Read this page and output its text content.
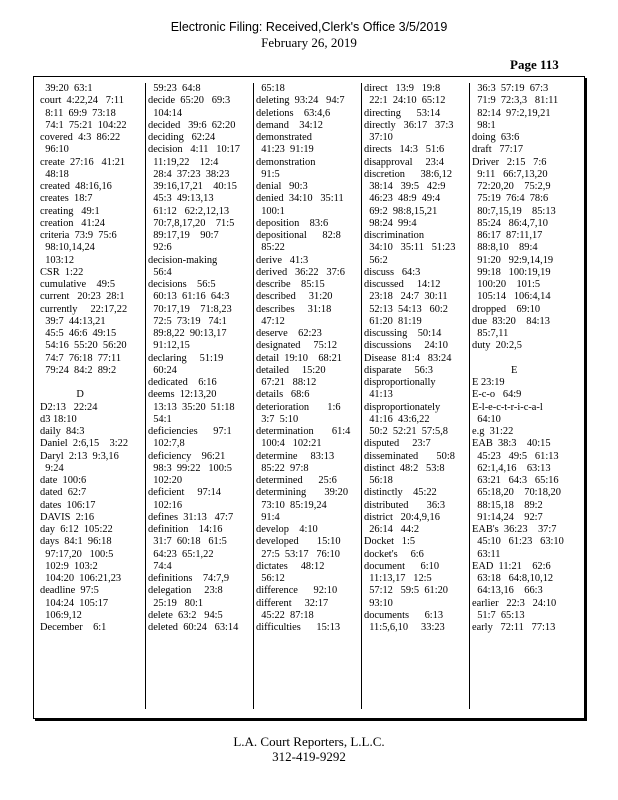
Electronic Filing: Received,Clerk's Office 3/5/2019
February 26, 2019
Page 113
39:20  63:1
court  4:22,24   7:11
8:11  69:9  73:18
74:1  75:21  104:22
covered  4:3  86:22
96:10
create  27:16   41:21
48:18
created  48:16,16
creates  18:7
creating   49:1
creation   41:24
criteria  73:9  75:6
98:10,14,24
103:12
CSR  1:22
cumulative    49:5
current   20:23  28:1
currently     22:17,22
39:7  44:13,21
45:5  46:6  49:15
54:16  55:20  56:20
74:7  76:18  77:11
79:24  84:2  89:2

D
D2:13   22:24
d3 18:10
daily  84:3
Daniel  2:6,15    3:22
Daryl  2:13  9:3,16
9:24
date  100:6
dated  62:7
dates  106:17
DAVIS  2:16
day  6:12  105:22
days  84:1  96:18
97:17,20   100:5
102:9  103:2
104:20  106:21,23
deadline  97:5
104:24  105:17
106:9,12
December    6:1
59:23  64:8
decide  65:20   69:3
104:14
decided   39:6  62:20
deciding   62:24
decision   4:11   10:17
11:19,22    12:4
28:4  37:23  38:23
39:16,17,21    40:15
45:3  49:13,13
61:12   62:2,12,13
70:7,8,17,20    71:5
89:17,19    90:7
92:6
decision-making
56:4
decisions    56:5
60:13  61:16  64:3
70:17,19    71:8,23
72:5  73:19   74:1
89:8,22  90:13,17
91:12,15
declaring     51:19
60:24
dedicated    6:16
deems  12:13,20
13:13  35:20  51:18
54:1
deficiencies      97:1
102:7,8
deficiency    96:21
98:3  99:22   100:5
102:20
deficient     97:14
102:16
defines  31:13   47:7
definition    14:16
31:7  60:18   61:5
64:23  65:1,22
74:4
definitions    74:7,9
delegation     23:8
25:19   80:1
delete  63:2   94:5
deleted  60:24   63:14
65:18
deleting  93:24   94:7
deletions    63:4,6
demand    34:12
demonstrated
41:23  91:19
demonstration
91:5
denial   90:3
denied  34:10   35:11
100:1
deposition    83:6
depositional      82:8
85:22
derive   41:3
derived   36:22   37:6
describe    85:15
described     31:20
describes     31:18
47:12
deserve    62:23
designated     75:12
detail  19:10    68:21
detailed     15:20
67:21   88:12
details   68:6
deterioration       1:6
3:7  5:10
determination       61:4
100:4   102:21
determine     83:13
85:22  97:8
determined      25:6
determining       39:20
73:10  85:19,24
91:4
develop    4:10
developed       15:10
27:5  53:17   76:10
dictates     48:12
56:12
difference      92:10
different     32:17
45:22  87:18
difficulties      15:13
direct   13:9   19:8
22:1  24:10  65:12
directing      53:14
directly   36:17   37:3
37:10
directs   14:3   51:6
disapproval     23:4
discretion      38:6,12
38:14   39:5   42:9
46:23  48:9  49:4
69:2  98:8,15,21
98:24  99:4
discrimination
34:10   35:11   51:23
56:2
discuss   64:3
discussed     14:12
23:18   24:7  30:11
52:13  54:13   60:2
61:20  81:19
discussing    50:14
discussions     24:10
Disease  81:4   83:24
disparate     56:3
disproportionally
41:13
disproportionately
41:16  43:6,22
50:2  52:21  57:5,8
disputed     23:7
disseminated       50:8
distinct  48:2   53:8
56:18
distinctly    45:22
distributed       36:3
district   20:4,9,16
26:14   44:2
Docket   1:5
docket's     6:6
document      6:10
11:13,17   12:5
57:12   59:5  61:20
93:10
documents      6:13
11:5,6,10     33:23
36:3  57:19  67:3
71:9  72:3,3   81:11
82:14  97:2,19,21
98:1
doing  63:6
draft   77:17
Driver   2:15   7:6
9:11   66:7,13,20
72:20,20    75:2,9
75:19  76:4  78:6
80:7,15,19    85:13
85:24   86:4,7,10
86:17  87:11,17
88:8,10    89:4
91:20   92:9,14,19
99:18   100:19,19
100:20    101:5
105:14   106:4,14
dropped    69:10
due  83:20    84:13
85:7,11
duty  20:2,5

E
E 23:19
E-c-o   64:9
E-l-e-c-t-r-i-c-a-l
64:10
e.g  31:22
EAB  38:3    40:15
45:23   49:5   61:13
62:1,4,16    63:13
63:21   64:3   65:16
65:18,20    70:18,20
88:15,18    89:2
91:14,24    92:7
EAB's  36:23    37:7
45:10   61:23   63:10
63:11
EAD  11:21    62:6
63:18   64:8,10,12
64:13,16    66:3
earlier   22:3   24:10
51:7  65:13
early   72:11   77:13
L.A. Court Reporters, L.L.C.
312-419-9292
